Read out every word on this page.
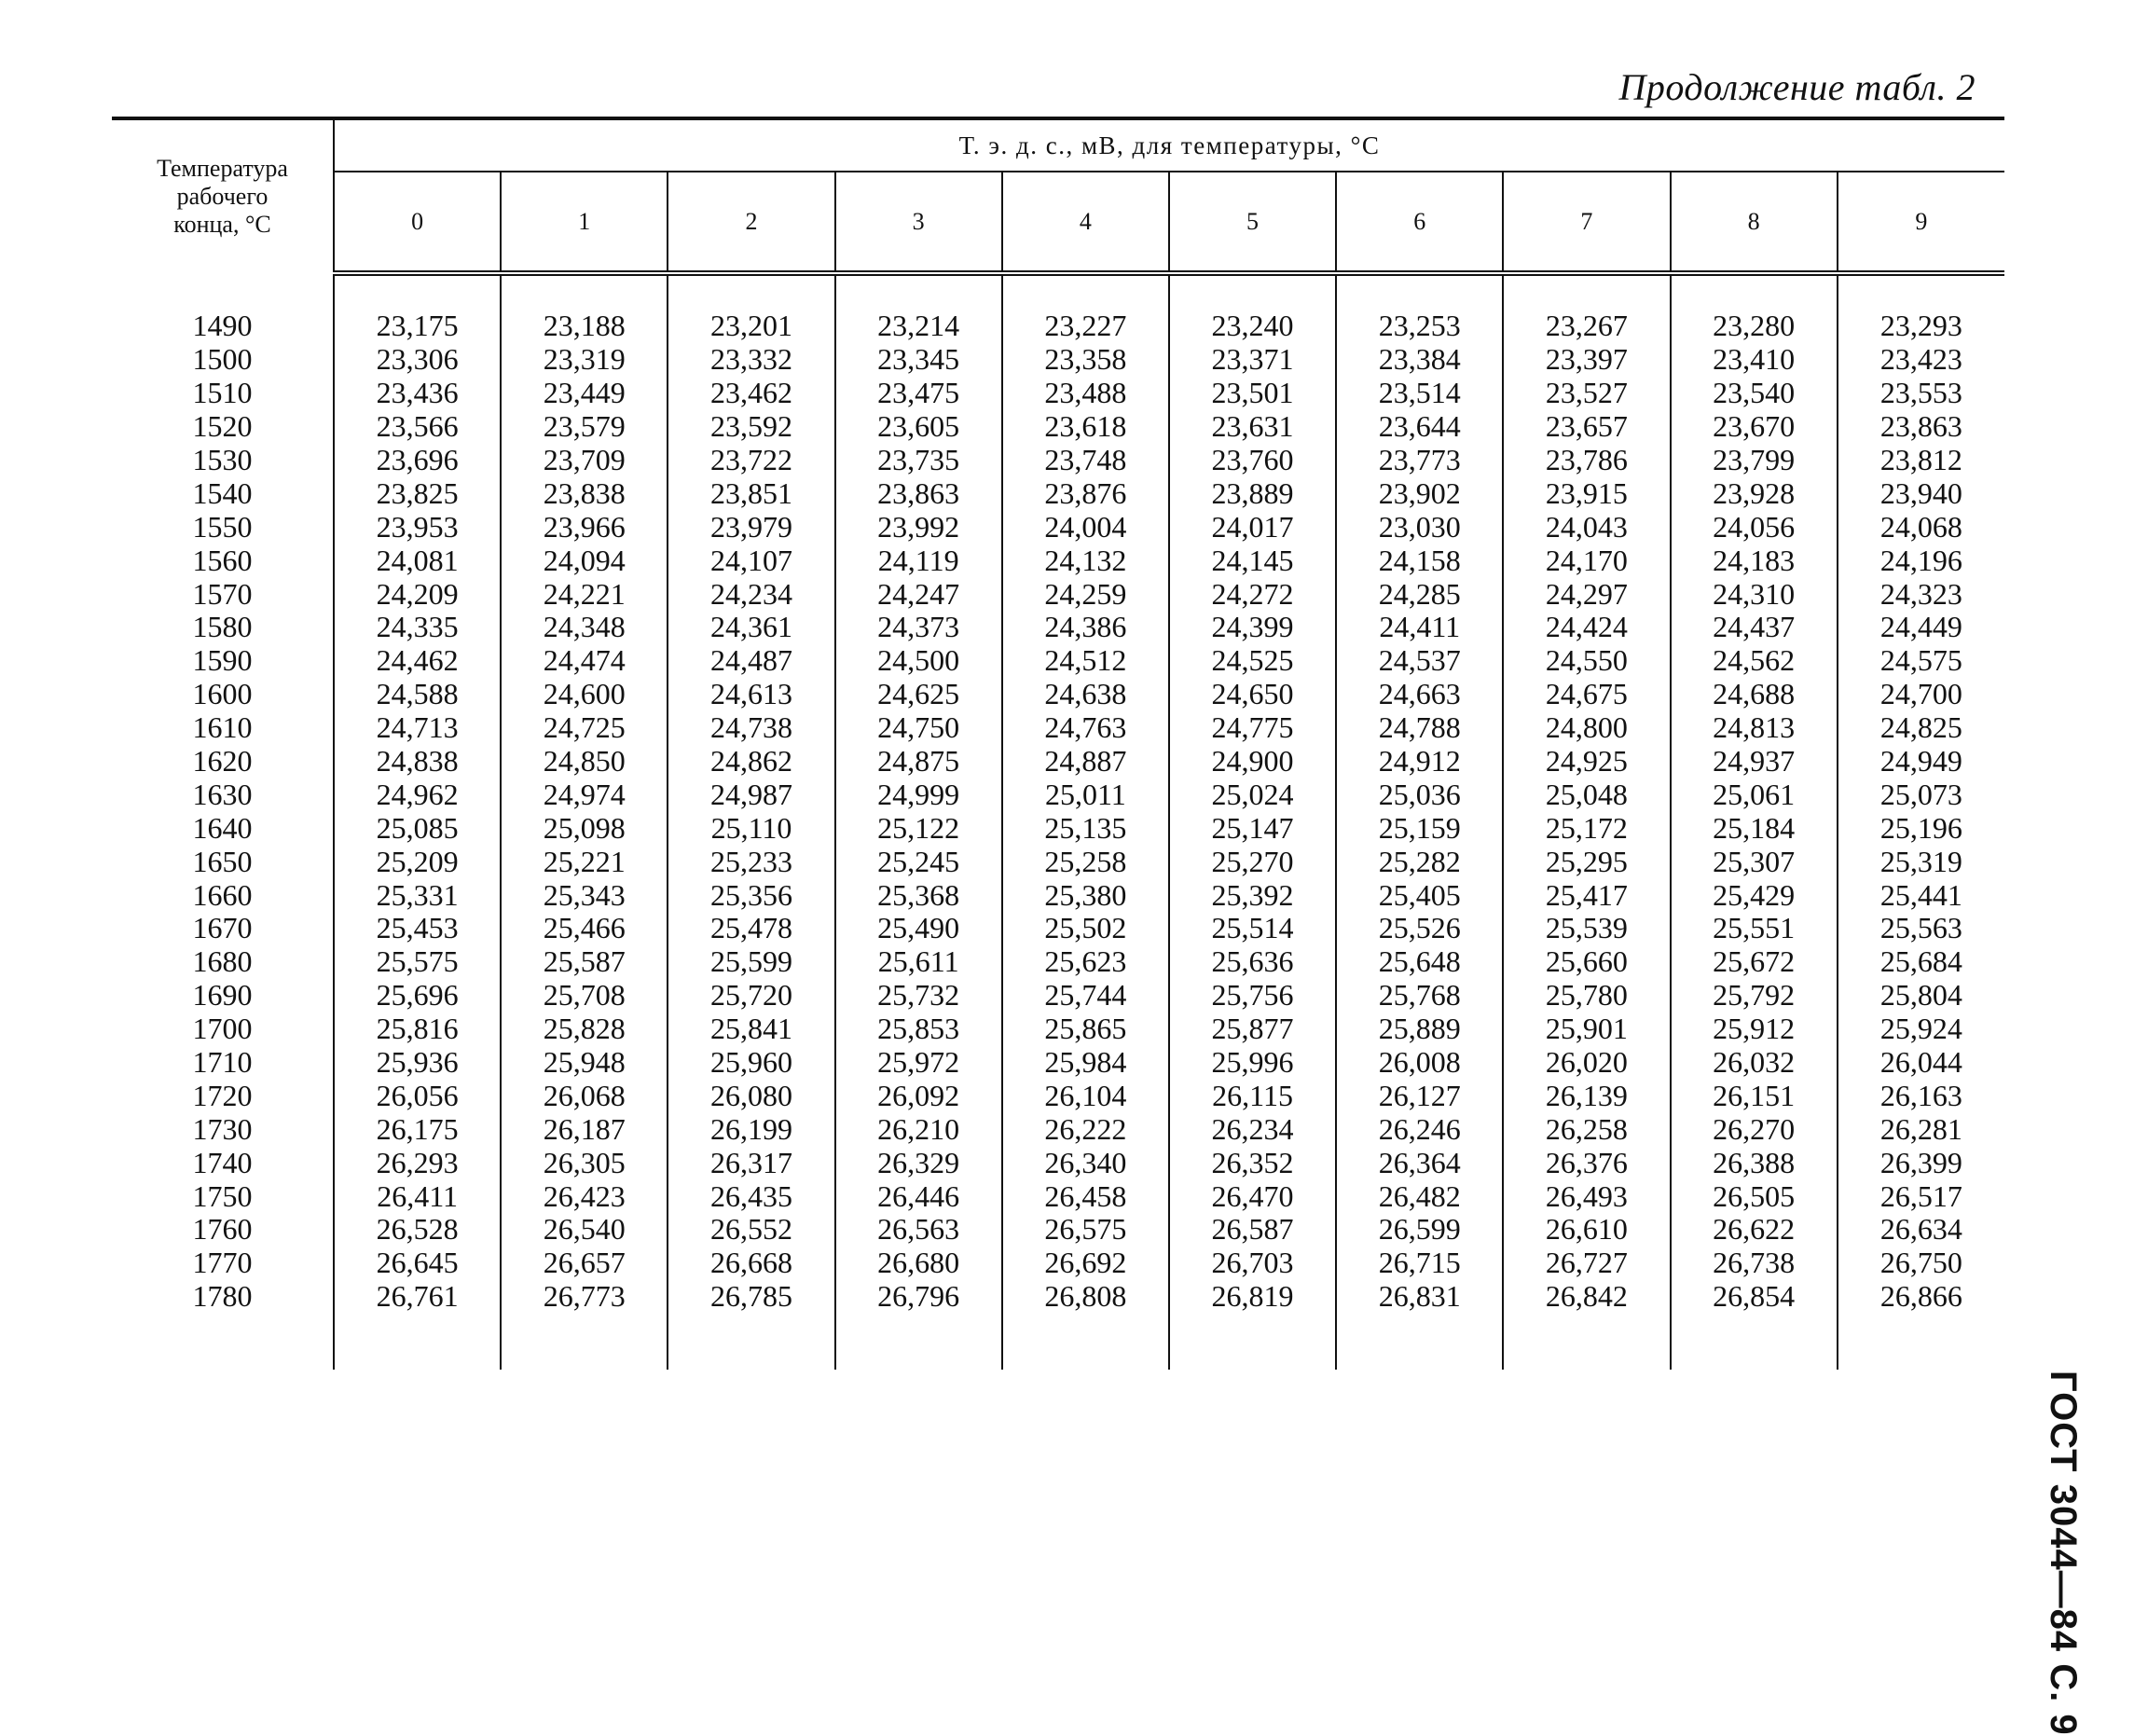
Продолжение табл. 2
Температура
рабочего
конца, °С	Т. э. д. с., мВ, для температуры, °С									
	0	1	2	3	4	5	6	7	8	9

1490	23,175	23,188	23,201	23,214	23,227	23,240	23,253	23,267	23,280	23,293
1500	23,306	23,319	23,332	23,345	23,358	23,371	23,384	23,397	23,410	23,423
1510	23,436	23,449	23,462	23,475	23,488	23,501	23,514	23,527	23,540	23,553
1520	23,566	23,579	23,592	23,605	23,618	23,631	23,644	23,657	23,670	23,863
1530	23,696	23,709	23,722	23,735	23,748	23,760	23,773	23,786	23,799	23,812
1540	23,825	23,838	23,851	23,863	23,876	23,889	23,902	23,915	23,928	23,940
1550	23,953	23,966	23,979	23,992	24,004	24,017	23,030	24,043	24,056	24,068
1560	24,081	24,094	24,107	24,119	24,132	24,145	24,158	24,170	24,183	24,196
1570	24,209	24,221	24,234	24,247	24,259	24,272	24,285	24,297	24,310	24,323
1580	24,335	24,348	24,361	24,373	24,386	24,399	24,411	24,424	24,437	24,449
1590	24,462	24,474	24,487	24,500	24,512	24,525	24,537	24,550	24,562	24,575
1600	24,588	24,600	24,613	24,625	24,638	24,650	24,663	24,675	24,688	24,700
1610	24,713	24,725	24,738	24,750	24,763	24,775	24,788	24,800	24,813	24,825
1620	24,838	24,850	24,862	24,875	24,887	24,900	24,912	24,925	24,937	24,949
1630	24,962	24,974	24,987	24,999	25,011	25,024	25,036	25,048	25,061	25,073
1640	25,085	25,098	25,110	25,122	25,135	25,147	25,159	25,172	25,184	25,196
1650	25,209	25,221	25,233	25,245	25,258	25,270	25,282	25,295	25,307	25,319
1660	25,331	25,343	25,356	25,368	25,380	25,392	25,405	25,417	25,429	25,441
1670	25,453	25,466	25,478	25,490	25,502	25,514	25,526	25,539	25,551	25,563
1680	25,575	25,587	25,599	25,611	25,623	25,636	25,648	25,660	25,672	25,684
1690	25,696	25,708	25,720	25,732	25,744	25,756	25,768	25,780	25,792	25,804
1700	25,816	25,828	25,841	25,853	25,865	25,877	25,889	25,901	25,912	25,924
1710	25,936	25,948	25,960	25,972	25,984	25,996	26,008	26,020	26,032	26,044
1720	26,056	26,068	26,080	26,092	26,104	26,115	26,127	26,139	26,151	26,163
1730	26,175	26,187	26,199	26,210	26,222	26,234	26,246	26,258	26,270	26,281
1740	26,293	26,305	26,317	26,329	26,340	26,352	26,364	26,376	26,388	26,399
1750	26,411	26,423	26,435	26,446	26,458	26,470	26,482	26,493	26,505	26,517
1760	26,528	26,540	26,552	26,563	26,575	26,587	26,599	26,610	26,622	26,634
1770	26,645	26,657	26,668	26,680	26,692	26,703	26,715	26,727	26,738	26,750
1780	26,761	26,773	26,785	26,796	26,808	26,819	26,831	26,842	26,854	26,866

ГОСТ 3044—84 С. 9
